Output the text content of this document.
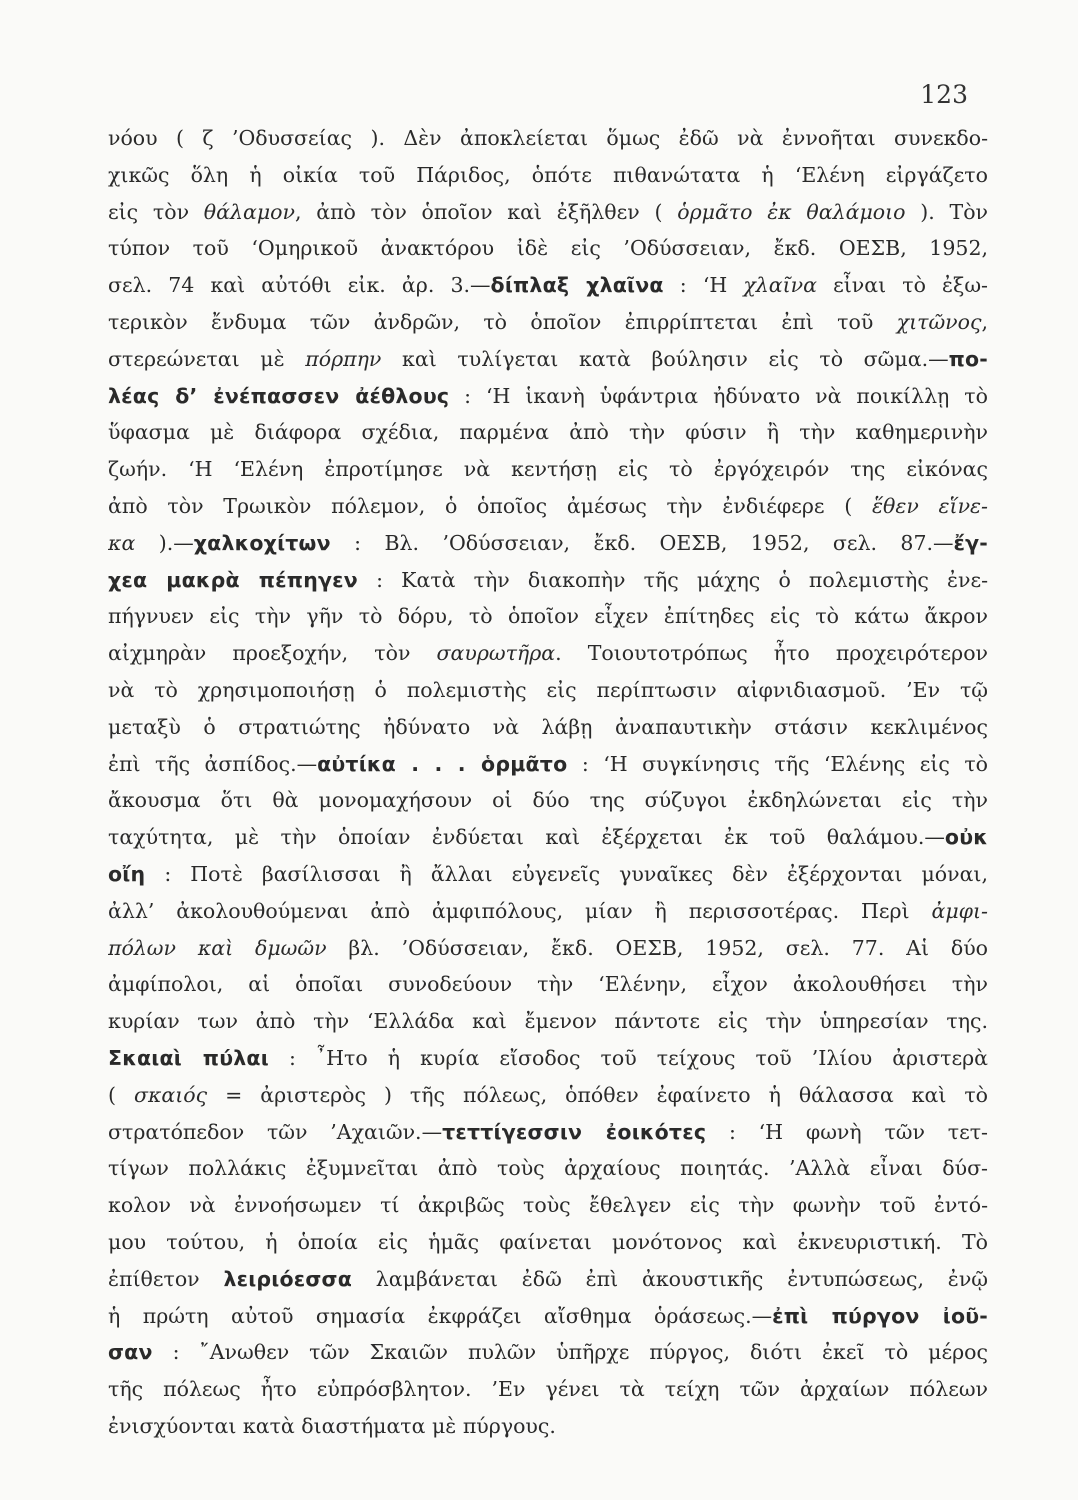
123
νόου ( ζ ’Οδυσσείας ). Δὲν ἀποκλείεται ὅμως ἐδῶ νὰ ἐννοῆται συνεκδο-
χικῶς ὅλη ἡ οἰκία τοῦ Πάριδος, ὁπότε πιθανώτατα ἡ ‘Ελένη εἰργάζετο
εἰς τὸν θάλαμον, ἀπὸ τὸν ὁποῖον καὶ ἐξῆλθεν ( ὁρμᾶτο ἐκ θαλάμοιο ). Τὸν
τύπον τοῦ ‘Ομηρικοῦ ἀνακτόρου ἰδὲ εἰς ’Οδύσσειαν, ἔκδ. ΟΕΣΒ, 1952,
σελ. 74 καὶ αὐτόθι εἰκ. ἀρ. 3.—δίπλαξ χλαῖνα : ‘Η χλαῖνα εἶναι τὸ ἐξω-
τερικὸν ἔνδυμα τῶν ἀνδρῶν, τὸ ὁποῖον ἐπιρρίπτεται ἐπὶ τοῦ χιτῶνος,
στερεώνεται μὲ πόρπην καὶ τυλίγεται κατὰ βούλησιν εἰς τὸ σῶμα.—πο-
λέας δ’ ἐνέπασσεν ἀέθλους : ‘Η ἱκανὴ ὑφάντρια ἠδύνατο νὰ ποικίλλῃ τὸ
ὕφασμα μὲ διάφορα σχέδια, παρμένα ἀπὸ τὴν φύσιν ἢ τὴν καθημερινὴν
ζωήν. ‘Η ‘Ελένη ἐπροτίμησε νὰ κεντήσῃ εἰς τὸ ἐργόχειρόν της εἰκόνας
ἀπὸ τὸν Τρωικὸν πόλεμον, ὁ ὁποῖος ἀμέσως τὴν ἐνδιέφερε ( ἕθεν εἵνε-
κα ).—χαλκοχίτων : Βλ. ’Οδύσσειαν, ἔκδ. ΟΕΣΒ, 1952, σελ. 87.—ἔγ-
χεα μακρὰ πέπηγεν : Κατὰ τὴν διακοπὴν τῆς μάχης ὁ πολεμιστὴς ἐνε-
πήγνυεν εἰς τὴν γῆν τὸ δόρυ, τὸ ὁποῖον εἶχεν ἐπίτηδες εἰς τὸ κάτω ἄκρον
αἰχμηρὰν προεξοχήν, τὸν σαυρωτῆρα. Τοιουτοτρόπως ἦτο προχειρότερον
νὰ τὸ χρησιμοποιήσῃ ὁ πολεμιστὴς εἰς περίπτωσιν αἰφνιδιασμοῦ. ’Εν τῷ
μεταξὺ ὁ στρατιώτης ἠδύνατο νὰ λάβῃ ἀναπαυτικὴν στάσιν κεκλιμένος
ἐπὶ τῆς ἀσπίδος.—αὐτίκα . . . ὁρμᾶτο : ‘Η συγκίνησις τῆς ‘Ελένης εἰς τὸ
ἄκουσμα ὅτι θὰ μονομαχήσουν οἱ δύο της σύζυγοι ἐκδηλώνεται εἰς τὴν
ταχύτητα, μὲ τὴν ὁποίαν ἐνδύεται καὶ ἐξέρχεται ἐκ τοῦ θαλάμου.—οὐκ
οἴη : Ποτὲ βασίλισσαι ἢ ἄλλαι εὐγενεῖς γυναῖκες δὲν ἐξέρχονται μόναι,
ἀλλ’ ἀκολουθούμεναι ἀπὸ ἀμφιπόλους, μίαν ἢ περισσοτέρας. Περὶ ἀμφι-
πόλων καὶ δμωῶν βλ. ’Οδύσσειαν, ἔκδ. ΟΕΣΒ, 1952, σελ. 77. Αἱ δύο
ἀμφίπολοι, αἱ ὁποῖαι συνοδεύουν τὴν ‘Ελένην, εἶχον ἀκολουθήσει τὴν
κυρίαν των ἀπὸ τὴν ‘Ελλάδα καὶ ἔμενον πάντοτε εἰς τὴν ὑπηρεσίαν της.
Σκαιαὶ πύλαι : ῏Ητο ἡ κυρία εἴσοδος τοῦ τείχους τοῦ ’Ιλίου ἀριστερὰ
( σκαιός = ἀριστερὸς ) τῆς πόλεως, ὁπόθεν ἐφαίνετο ἡ θάλασσα καὶ τὸ
στρατόπεδον τῶν ’Αχαιῶν.—τεττίγεσσιν ἐοικότες : ‘Η φωνὴ τῶν τετ-
τίγων πολλάκις ἐξυμνεῖται ἀπὸ τοὺς ἀρχαίους ποιητάς. ’Αλλὰ εἶναι δύσ-
κολον νὰ ἐννοήσωμεν τί ἀκριβῶς τοὺς ἔθελγεν εἰς τὴν φωνὴν τοῦ ἐντό-
μου τούτου, ἡ ὁποία εἰς ἡμᾶς φαίνεται μονότονος καὶ ἐκνευριστική. Τὸ
ἐπίθετον λειριόεσσα λαμβάνεται ἐδῶ ἐπὶ ἀκουστικῆς ἐντυπώσεως, ἐνῷ
ἡ πρώτη αὐτοῦ σημασία ἐκφράζει αἴσθημα ὁράσεως.—ἐπὶ πύργον ἰοῦ-
σαν : ῎Ανωθεν τῶν Σκαιῶν πυλῶν ὑπῆρχε πύργος, διότι ἐκεῖ τὸ μέρος
τῆς πόλεως ἦτο εὐπρόσβλητον. ’Εν γένει τὰ τείχη τῶν ἀρχαίων πόλεων
ἐνισχύονται κατὰ διαστήματα μὲ πύργους.
